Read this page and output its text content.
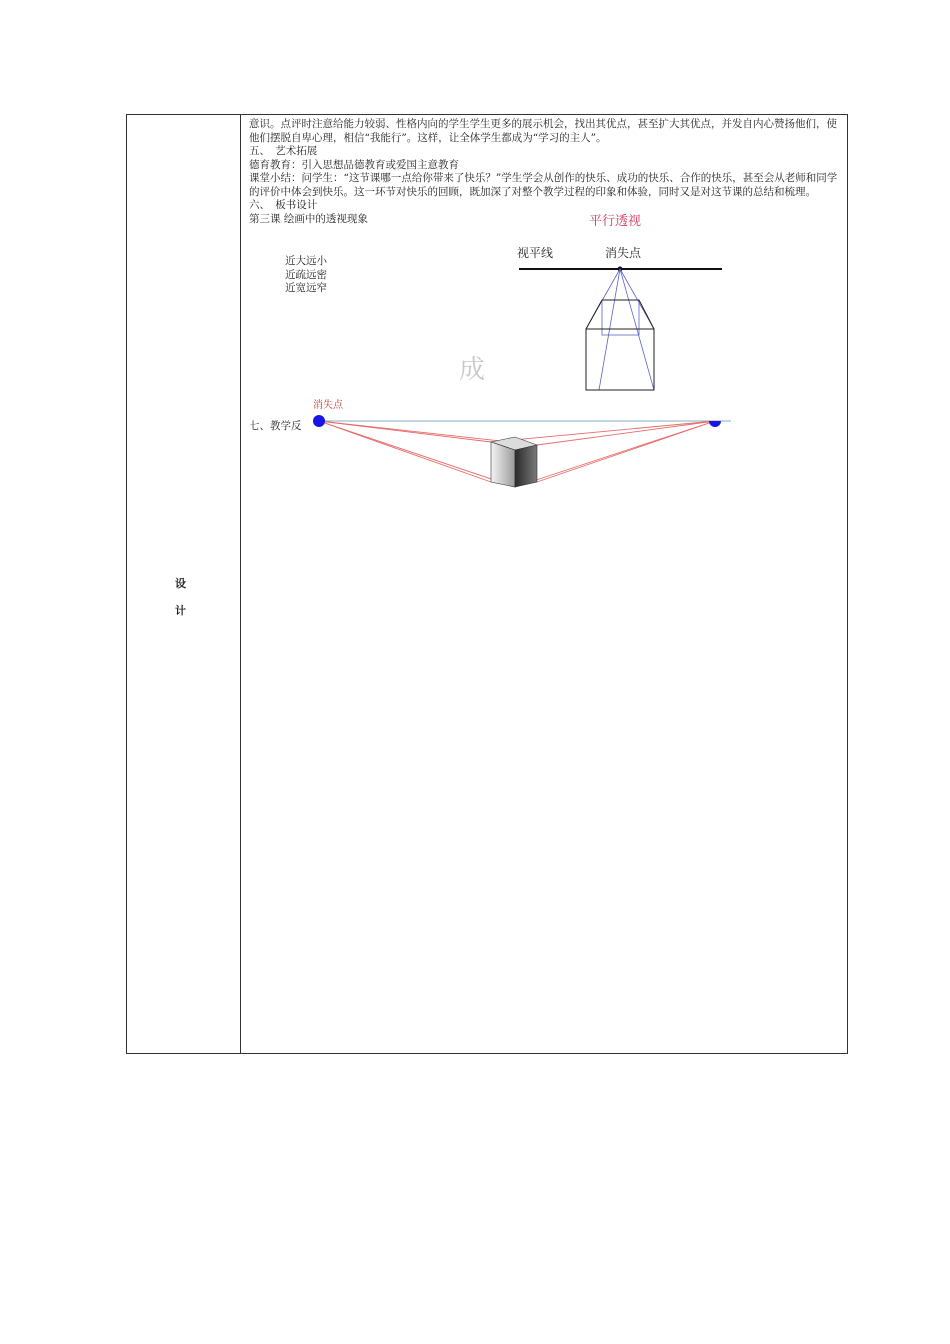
设
计

意识。点评时注意给能力较弱、性格内向的学生学生更多的展示机会，找出其优点，甚至扩大其优点，并发自内心赞扬他们，使他们摆脱自卑心理，相信“我能行”。这样，让全体学生都成为“学习的主人”。

五、　艺术拓展

德育教育：引入思想品德教育或爱国主意教育

课堂小结：问学生：“这节课哪一点给你带来了快乐？”学生学会从创作的快乐、成功的快乐、合作的快乐，甚至会从老师和同学的评价中体会到快乐。这一环节对快乐的回顾，既加深了对整个教学过程的印象和体验，同时又是对这节课的总结和梳理。

六、　板书设计

第三课 绘画中的透视现象

近大远小
近疏远密
近宽远窄
成
平行透视
视平线	消失点
消失点
七、教学反
